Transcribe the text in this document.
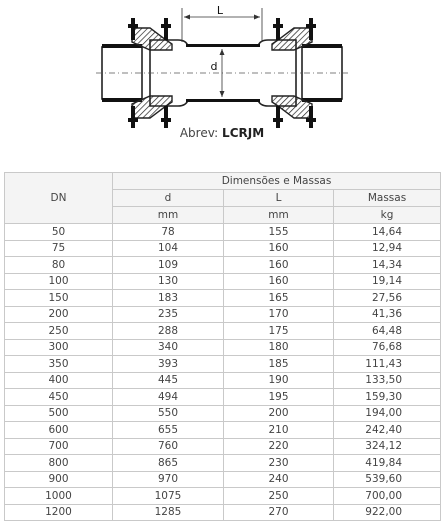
L
d
Abrev: LCRJM
DN	Dimensões e Massas		
	d	L	Massas
	mm	mm	kg
50	78	155	14,64
75	104	160	12,94
80	109	160	14,34
100	130	160	19,14
150	183	165	27,56
200	235	170	41,36
250	288	175	64,48
300	340	180	76,68
350	393	185	111,43
400	445	190	133,50
450	494	195	159,30
500	550	200	194,00
600	655	210	242,40
700	760	220	324,12
800	865	230	419,84
900	970	240	539,60
1000	1075	250	700,00
1200	1285	270	922,00
